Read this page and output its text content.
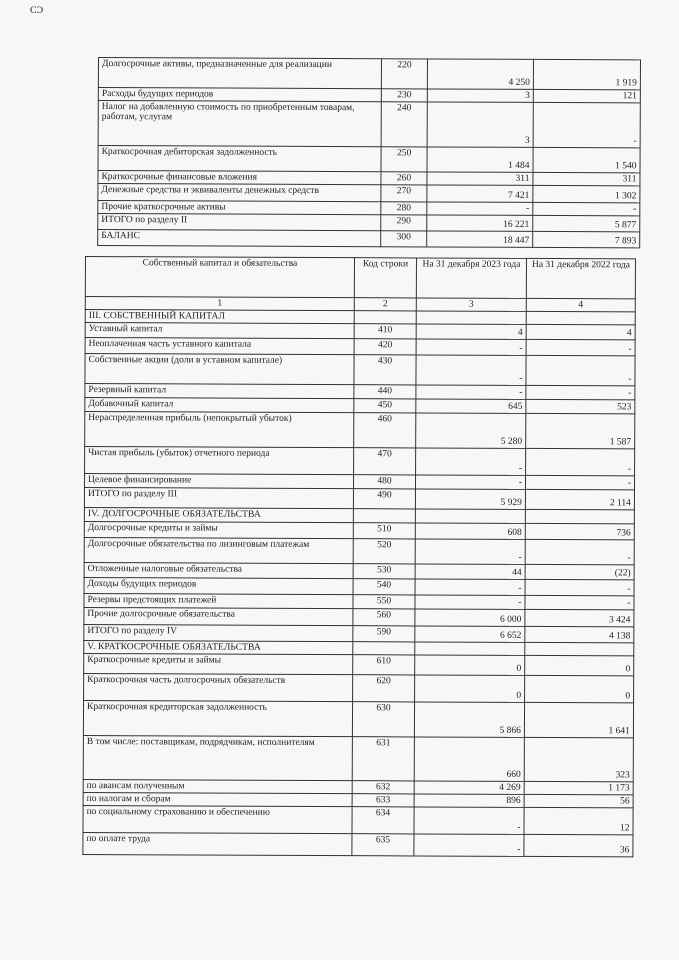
ᴄᴐ
Долгосрочные активы, предназначенные для реализации	220	4 250	1 919
Расходы будущих периодов	230	3	121
Налог на добавленную стоимость по приобретенным товарам, работам, услугам	240	3	-
Краткосрочная дебиторская задолженность	250	1 484	1 540
Краткосрочные финансовые вложения	260	311	311
Денежные средства и эквиваленты денежных средств	270	7 421	1 302
Прочие краткосрочные активы	280	-	-
ИТОГО по разделу II	290	16 221	5 877
БАЛАНС	300	18 447	7 893
Собственный капитал и обязательства	Код строки	На 31 декабря 2023 года	На 31 декабря 2022 года
1	2	3	4
III. СОБСТВЕННЫЙ КАПИТАЛ			
Уставный капитал	410	4	4
Неоплаченная часть уставного капитала	420	-	-
Собственные акции (доли в уставном капитале)	430	-	-
Резервный капитал	440	-	-
Добавочный капитал	450	645	523
Нераспределенная прибыль (непокрытый убыток)	460	5 280	1 587
Чистая прибыль (убыток) отчетного периода	470	-	-
Целевое финансирование	480	-	-
ИТОГО по разделу III	490	5 929	2 114
IV. ДОЛГОСРОЧНЫЕ ОБЯЗАТЕЛЬСТВА			
Долгосрочные кредиты и займы	510	608	736
Долгосрочные обязательства по лизинговым платежам	520	-	-
Отложенные налоговые обязательства	530	44	(22)
Доходы будущих периодов	540	-	-
Резервы предстоящих платежей	550	-	-
Прочие долгосрочные обязательства	560	6 000	3 424
ИТОГО по разделу IV	590	6 652	4 138
V. КРАТКОСРОЧНЫЕ ОБЯЗАТЕЛЬСТВА			
Краткосрочные кредиты и займы	610	0	0
Краткосрочная часть долгосрочных обязательств	620	0	0
Краткосрочная кредиторская задолженность	630	5 866	1 641
В том числе: поставщикам, подрядчикам, исполнителям	631	660	323
по авансам полученным	632	4 269	1 173
по налогам и сборам	633	896	56
по социальному страхованию и обеспечению	634	-	12
по оплате труда	635	-	36
